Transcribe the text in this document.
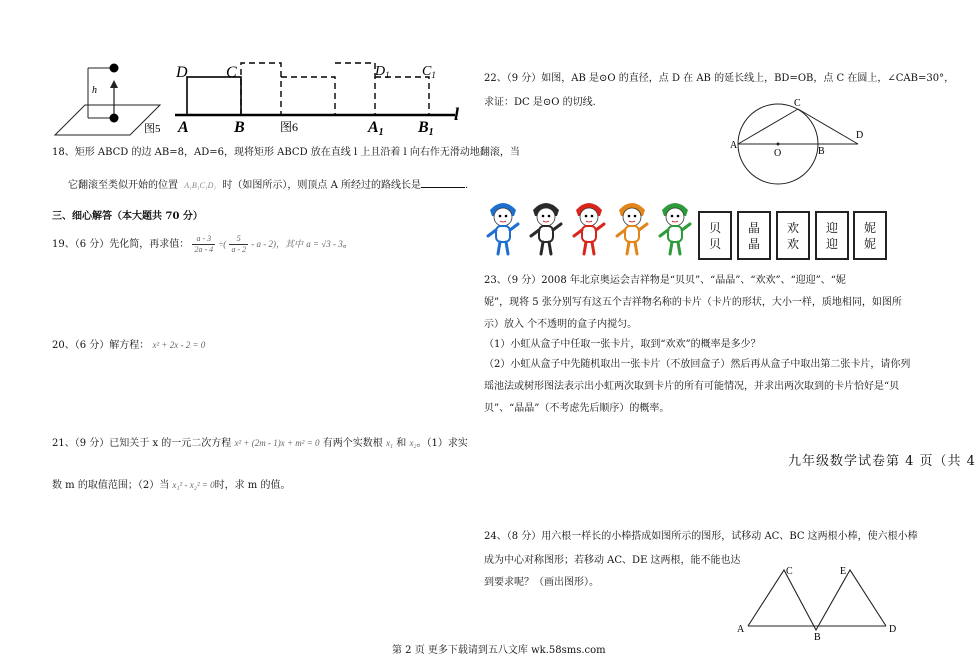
h
图5
D C	$D_1$ $C_1$
A	B	图6	A1 B1
l
18、矩形 ABCD 的边 AB=8，AD=6，现将矩形 ABCD 放在直线 l 上且沿着 l 向右作无滑动地翻滚，当
它翻滚至类似开始的位置 A₁B₁C₁D₁ 时（如图所示），则顶点 A 所经过的路线长是	.
三、细心解答（本大题共 70 分）
19、（6 分）先化简，再求值： $\frac{a - 3}{2a - 4}$ ÷( $\frac{5}{a - 2}$ - a - 2)，其中 a = √3 - 3。
20、（6 分）解方程： x² + 2x - 2 = 0
21、（9 分）已知关于 x 的一元二次方程 x² + (2m - 1)x + m² = 0 有两个实数根 x₁ 和 x₂。（1）求实
数 m 的取值范围；（2）当 x₁² - x₂² = 0时，求 m 的值。
22、（9 分）如图，AB 是⊙O 的直径，点 D 在 AB 的延长线上，BD=OB，点 C 在圆上，∠CAB=30°，
求证：DC 是⊙O 的切线.
A
O	B
C
D
贝贝
晶晶
欢欢
迎迎
妮妮
23、（9 分）2008 年北京奥运会吉祥物是“贝贝”、“晶晶”、“欢欢”、“迎迎”、“妮
妮”，现将 5 张分别写有这五个吉祥物名称的卡片（卡片的形状，大小一样，质地相同，如图所
示）放入 个不透明的盒子内搅匀。
（1）小虹从盒子中任取一张卡片，取到“欢欢”的概率是多少？
（2）小虹从盒子中先随机取出一张卡片（不放回盒子）然后再从盒子中取出第二张卡片，请你列
瑶池法或树形图法表示出小虹两次取到卡片的所有可能情况，并求出两次取到的卡片恰好是“贝
贝”、“晶晶”（不考虑先后顺序）的概率。
九年级数学试卷第 4 页（共 4
24、（8 分）用六根一样长的小棒搭成如图所示的图形，试移动 AC、BC 这两根小棒，使六根小棒
成为中心对称图形；若移动 AC、DE 这两根，能不能也达
到要求呢？（画出图形）。
A
C
B
E
D
第 2 页 更多下载请到五八文库 wk.58sms.com
